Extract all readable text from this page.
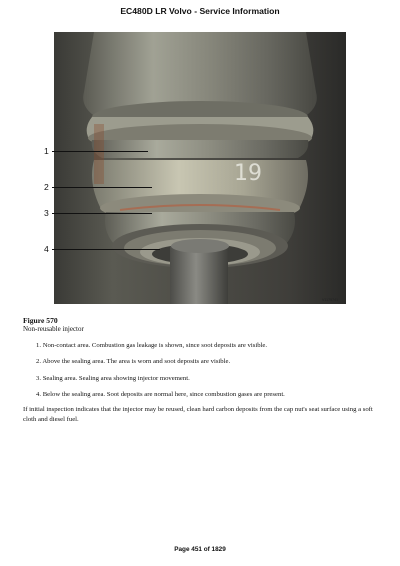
EC480D LR Volvo - Service Information
19
V1175741
1
2
3
4
Figure 570
Non-reusable injector
1. Non-contact area. Combustion gas leakage is shown, since soot deposits are visible.
2. Above the sealing area. The area is worn and soot deposits are visible.
3. Sealing area. Sealing area showing injector movement.
4. Below the sealing area. Soot deposits are normal here, since combustion gases are present.
If initial inspection indicates that the injector may be reused, clean hard carbon deposits from the cap nut's seat surface using a soft cloth and diesel fuel.
Page 451 of 1829
